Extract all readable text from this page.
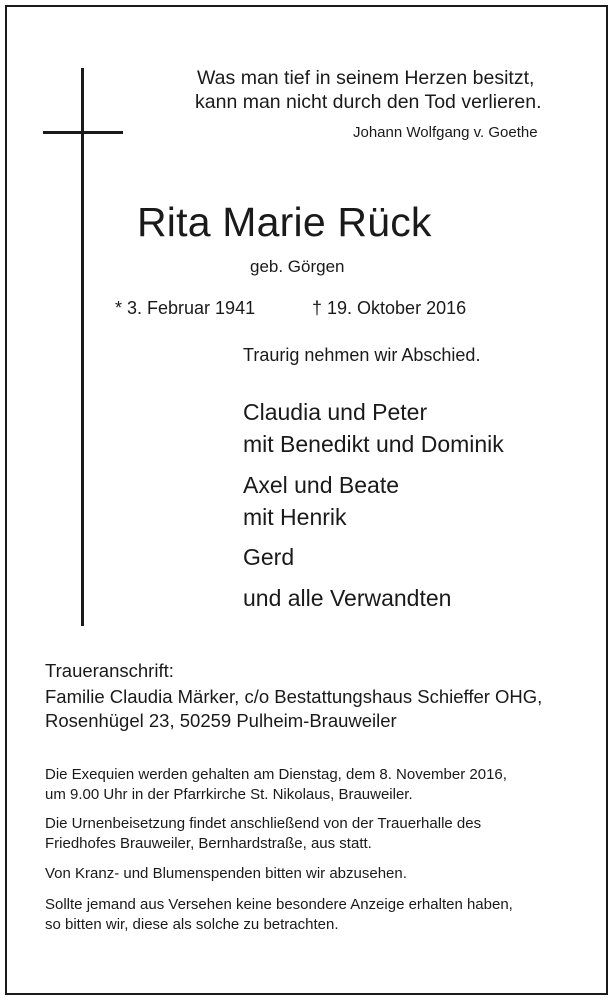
Was man tief in seinem Herzen besitzt,
kann man nicht durch den Tod verlieren.
Johann Wolfgang v. Goethe
Rita Marie Rück
geb. Görgen
* 3. Februar 1941	† 19. Oktober 2016
Traurig nehmen wir Abschied.
Claudia und Peter
mit Benedikt und Dominik
Axel und Beate
mit Henrik
Gerd
und alle Verwandten
Traueranschrift:
Familie Claudia Märker, c/o Bestattungshaus Schieffer OHG,
Rosenhügel 23, 50259 Pulheim-Brauweiler
Die Exequien werden gehalten am Dienstag, dem 8. November 2016,
um 9.00 Uhr in der Pfarrkirche St. Nikolaus, Brauweiler.
Die Urnenbeisetzung findet anschließend von der Trauerhalle des
Friedhofes Brauweiler, Bernhardstraße, aus statt.
Von Kranz- und Blumenspenden bitten wir abzusehen.
Sollte jemand aus Versehen keine besondere Anzeige erhalten haben,
so bitten wir, diese als solche zu betrachten.
